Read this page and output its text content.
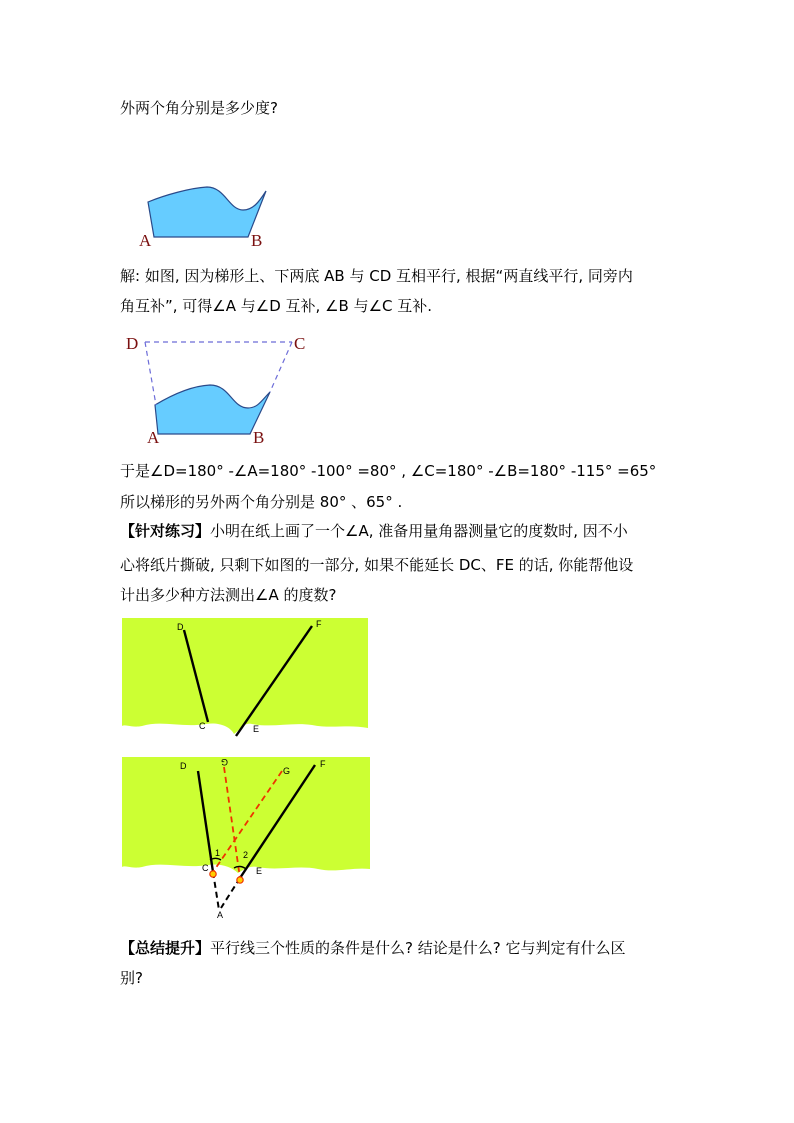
外两个角分别是多少度?
A	B
解: 如图, 因为梯形上、下两底 AB 与 CD 互相平行, 根据“两直线平行, 同旁内
角互补”, 可得∠A 与∠D 互补, ∠B 与∠C 互补.
D	C
A	B
于是∠D=180° -∠A=180° -100° =80° , ∠C=180° -∠B=180° -115° =65°
所以梯形的另外两个角分别是 80° 、65° .
【针对练习】小明在纸上画了一个∠A, 准备用量角器测量它的度数时, 因不小
心将纸片撕破, 只剩下如图的一部分, 如果不能延长 DC、FE 的话, 你能帮他设
计出多少种方法测出∠A 的度数?
D	F
C	E
D	G
G
F
1	2
C	E
A
【总结提升】平行线三个性质的条件是什么? 结论是什么? 它与判定有什么区
别?
